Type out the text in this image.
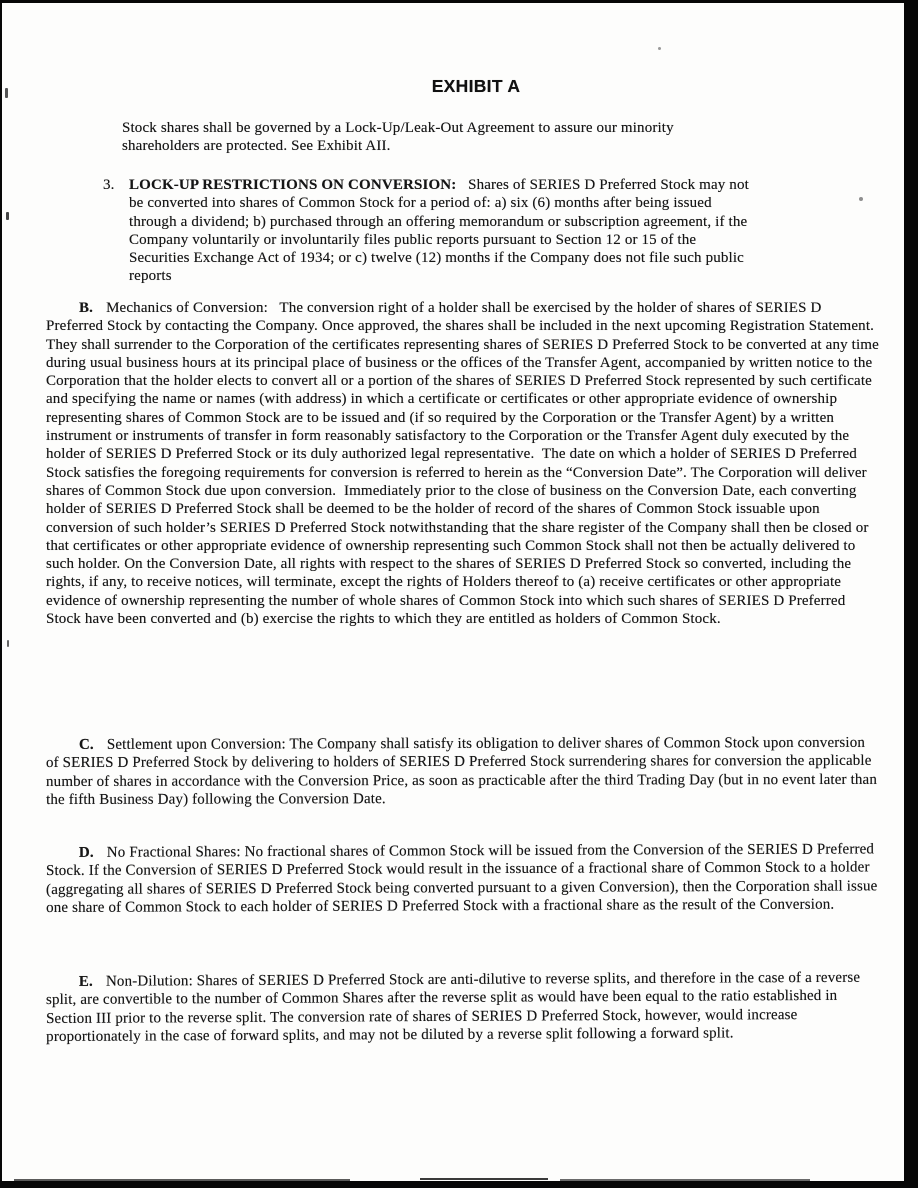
EXHIBIT A
Stock shares shall be governed by a Lock-Up/Leak-Out Agreement to assure our minority shareholders are protected. See Exhibit AII.
3. LOCK-UP RESTRICTIONS ON CONVERSION:   Shares of SERIES D Preferred Stock may not be converted into shares of Common Stock for a period of: a) six (6) months after being issued through a dividend; b) purchased through an offering memorandum or subscription agreement, if the Company voluntarily or involuntarily files public reports pursuant to Section 12 or 15 of the Securities Exchange Act of 1934; or c) twelve (12) months if the Company does not file such public reports
B. Mechanics of Conversion:   The conversion right of a holder shall be exercised by the holder of shares of SERIES D Preferred Stock by contacting the Company. Once approved, the shares shall be included in the next upcoming Registration Statement. They shall surrender to the Corporation of the certificates representing shares of SERIES D Preferred Stock to be converted at any time during usual business hours at its principal place of business or the offices of the Transfer Agent, accompanied by written notice to the Corporation that the holder elects to convert all or a portion of the shares of SERIES D Preferred Stock represented by such certificate and specifying the name or names (with address) in which a certificate or certificates or other appropriate evidence of ownership representing shares of Common Stock are to be issued and (if so required by the Corporation or the Transfer Agent) by a written instrument or instruments of transfer in form reasonably satisfactory to the Corporation or the Transfer Agent duly executed by the holder of SERIES D Preferred Stock or its duly authorized legal representative.  The date on which a holder of SERIES D Preferred Stock satisfies the foregoing requirements for conversion is referred to herein as the “Conversion Date”. The Corporation will deliver shares of Common Stock due upon conversion.  Immediately prior to the close of business on the Conversion Date, each converting holder of SERIES D Preferred Stock shall be deemed to be the holder of record of the shares of Common Stock issuable upon conversion of such holder’s SERIES D Preferred Stock notwithstanding that the share register of the Company shall then be closed or that certificates or other appropriate evidence of ownership representing such Common Stock shall not then be actually delivered to such holder. On the Conversion Date, all rights with respect to the shares of SERIES D Preferred Stock so converted, including the rights, if any, to receive notices, will terminate, except the rights of Holders thereof to (a) receive certificates or other appropriate evidence of ownership representing the number of whole shares of Common Stock into which such shares of SERIES D Preferred Stock have been converted and (b) exercise the rights to which they are entitled as holders of Common Stock.
C. Settlement upon Conversion: The Company shall satisfy its obligation to deliver shares of Common Stock upon conversion of SERIES D Preferred Stock by delivering to holders of SERIES D Preferred Stock surrendering shares for conversion the applicable number of shares in accordance with the Conversion Price, as soon as practicable after the third Trading Day (but in no event later than the fifth Business Day) following the Conversion Date.
D. No Fractional Shares: No fractional shares of Common Stock will be issued from the Conversion of the SERIES D Preferred Stock. If the Conversion of SERIES D Preferred Stock would result in the issuance of a fractional share of Common Stock to a holder (aggregating all shares of SERIES D Preferred Stock being converted pursuant to a given Conversion), then the Corporation shall issue one share of Common Stock to each holder of SERIES D Preferred Stock with a fractional share as the result of the Conversion.
E. Non-Dilution: Shares of SERIES D Preferred Stock are anti-dilutive to reverse splits, and therefore in the case of a reverse split, are convertible to the number of Common Shares after the reverse split as would have been equal to the ratio established in Section III prior to the reverse split. The conversion rate of shares of SERIES D Preferred Stock, however, would increase proportionately in the case of forward splits, and may not be diluted by a reverse split following a forward split.
